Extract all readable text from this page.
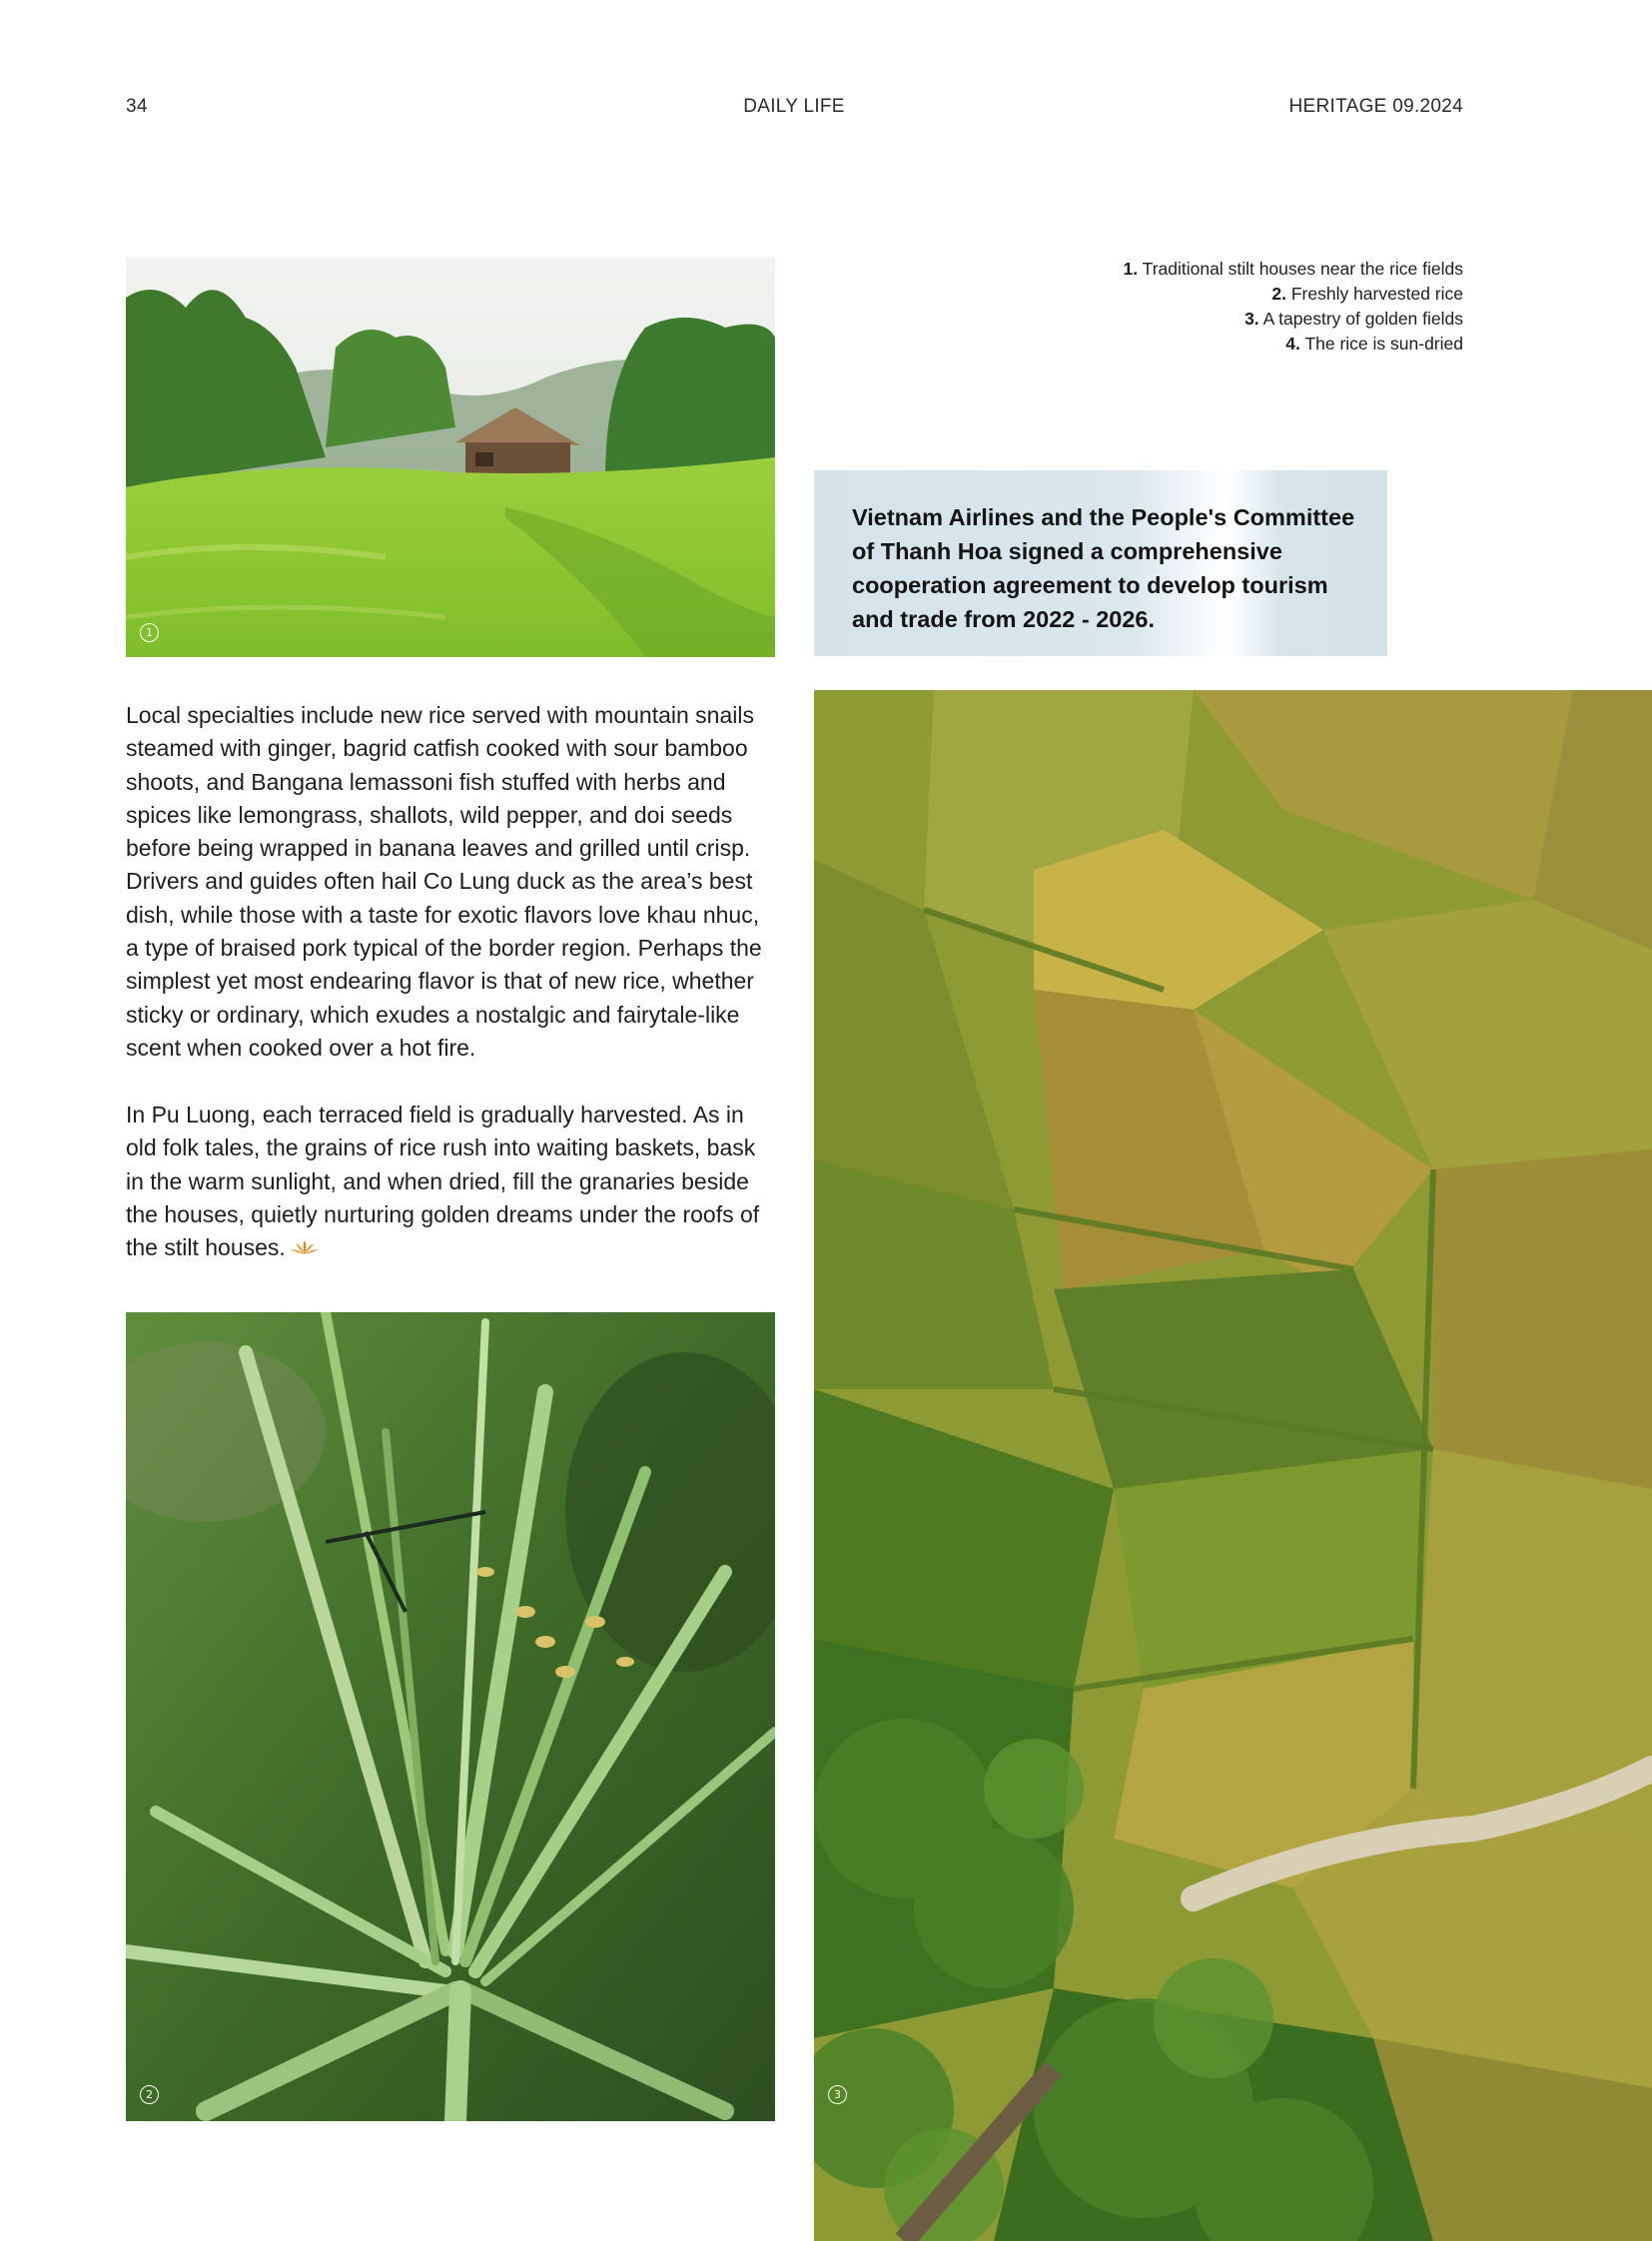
34	DAILY LIFE	HERITAGE 09.2024
1
1. Traditional stilt houses near the rice fields
2. Freshly harvested rice
3. A tapestry of golden fields
4. The rice is sun-dried

Vietnam Airlines and the People's Committee of Thanh Hoa signed a comprehensive cooperation agreement to develop tourism and trade from 2022 - 2026.

Local specialties include new rice served with mountain snails steamed with ginger, bagrid catfish cooked with sour bamboo shoots, and Bangana lemassoni fish stuffed with herbs and spices like lemongrass, shallots, wild pepper, and doi seeds before being wrapped in banana leaves and grilled until crisp. Drivers and guides often hail Co Lung duck as the area’s best dish, while those with a taste for exotic flavors love khau nhuc, a type of braised pork typical of the border region. Perhaps the simplest yet most endearing flavor is that of new rice, whether sticky or ordinary, which exudes a nostalgic and fairytale-like scent when cooked over a hot fire.

In Pu Luong, each terraced field is gradually harvested. As in old folk tales, the grains of rice rush into waiting baskets, bask in the warm sunlight, and when dried, fill the granaries beside the houses, quietly nurturing golden dreams under the roofs of the stilt houses.

2	3
